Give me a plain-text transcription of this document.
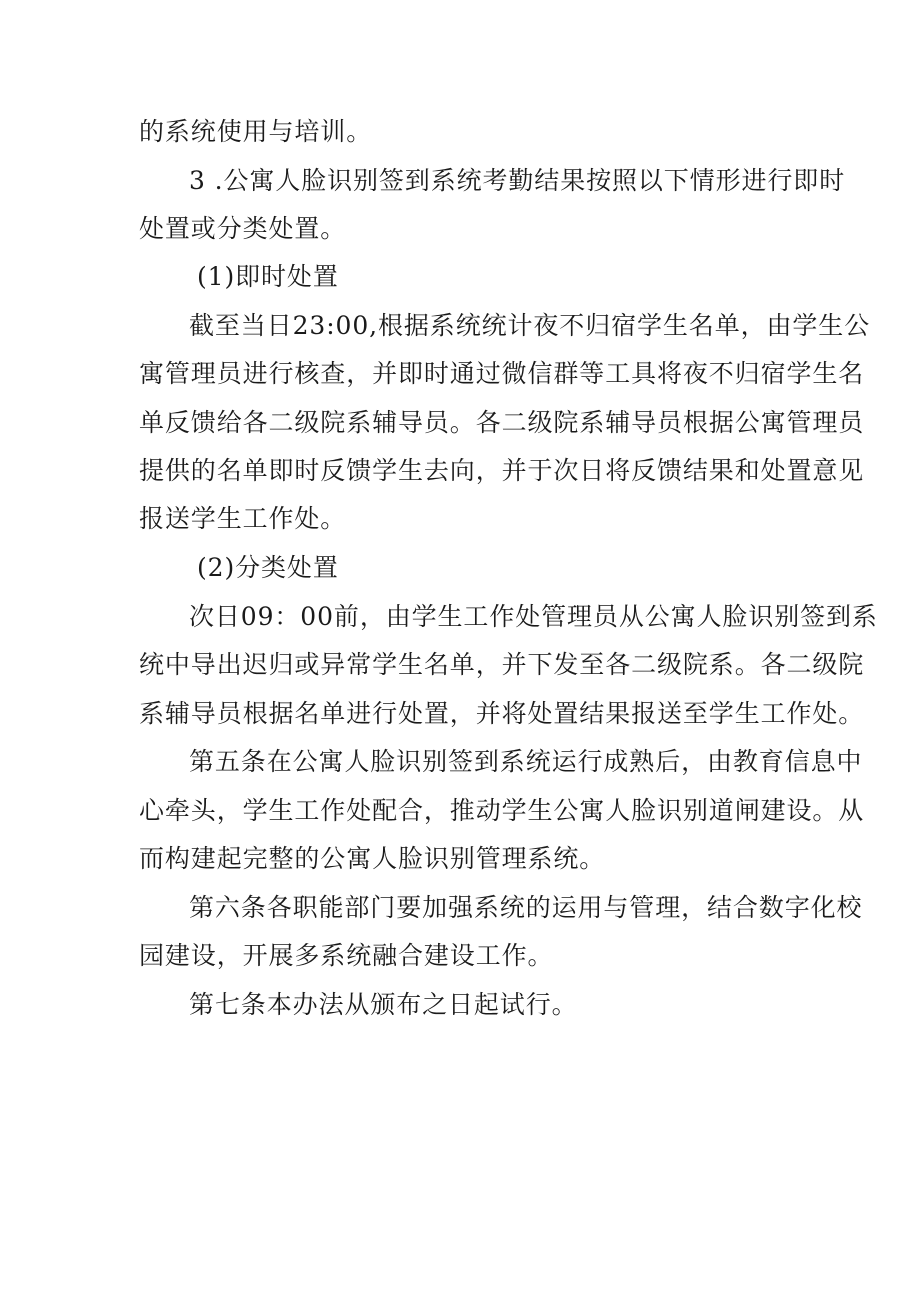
的系统使用与培训。
3 .公寓人脸识别签到系统考勤结果按照以下情形进行即时
处置或分类处置。
(1)即时处置
截至当日23:00,根据系统统计夜不归宿学生名单，由学生公
寓管理员进行核查，并即时通过微信群等工具将夜不归宿学生名
单反馈给各二级院系辅导员。各二级院系辅导员根据公寓管理员
提供的名单即时反馈学生去向，并于次日将反馈结果和处置意见
报送学生工作处。
(2)分类处置
次日09：00前，由学生工作处管理员从公寓人脸识别签到系
统中导出迟归或异常学生名单，并下发至各二级院系。各二级院
系辅导员根据名单进行处置，并将处置结果报送至学生工作处。
第五条在公寓人脸识别签到系统运行成熟后，由教育信息中
心牵头，学生工作处配合，推动学生公寓人脸识别道闸建设。从
而构建起完整的公寓人脸识别管理系统。
第六条各职能部门要加强系统的运用与管理，结合数字化校
园建设，开展多系统融合建设工作。
第七条本办法从颁布之日起试行。
